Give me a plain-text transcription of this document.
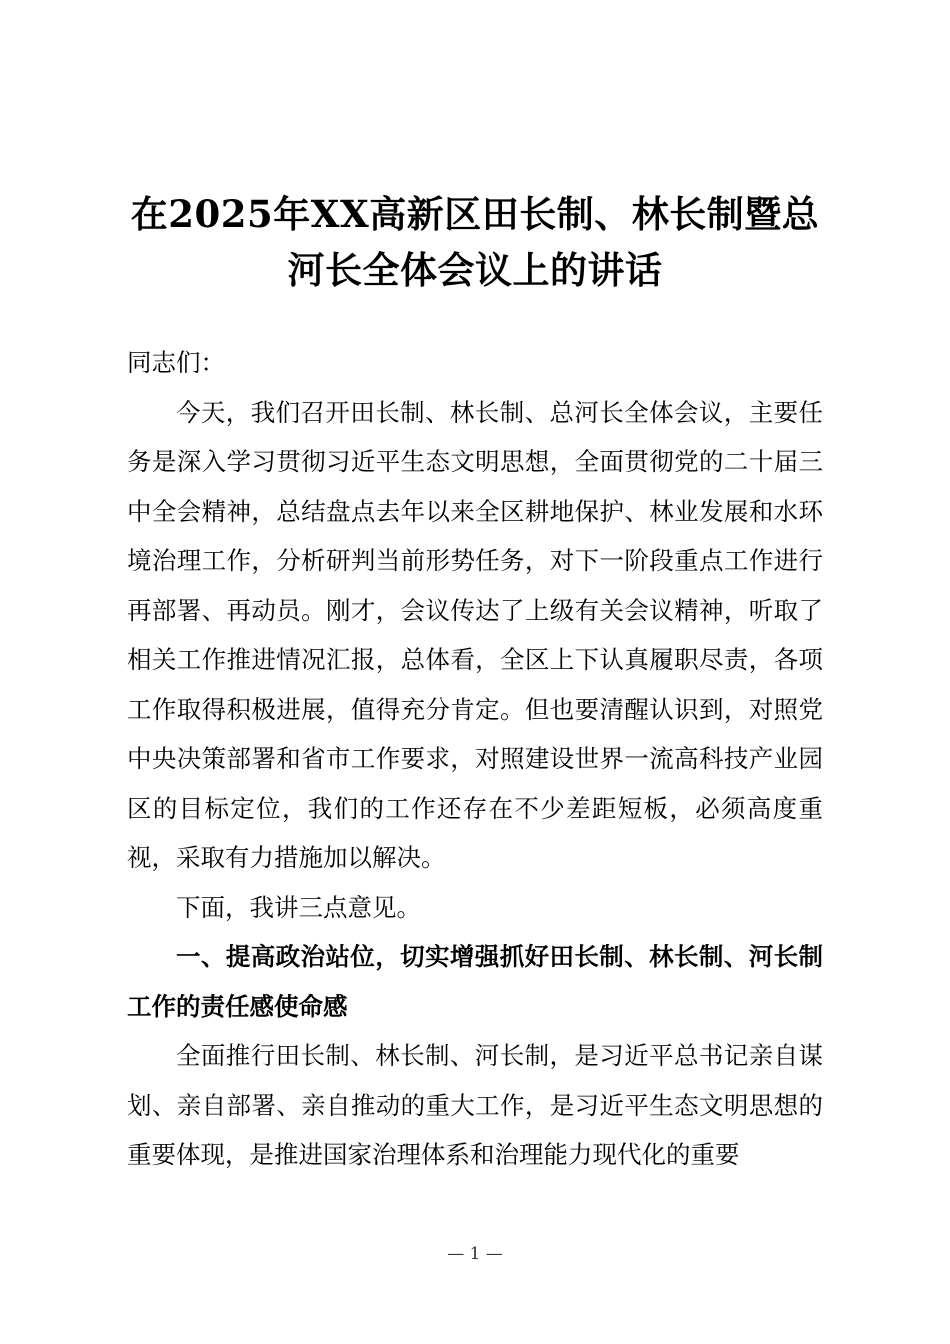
在2025年XX高新区田长制、林长制暨总
河长全体会议上的讲话

同志们：

今天，我们召开田长制、林长制、总河长全体会议，主要任务是深入学习贯彻习近平生态文明思想，全面贯彻党的二十届三中全会精神，总结盘点去年以来全区耕地保护、林业发展和水环境治理工作，分析研判当前形势任务，对下一阶段重点工作进行再部署、再动员。刚才，会议传达了上级有关会议精神，听取了相关工作推进情况汇报，总体看，全区上下认真履职尽责，各项工作取得积极进展，值得充分肯定。但也要清醒认识到，对照党中央决策部署和省市工作要求，对照建设世界一流高科技产业园区的目标定位，我们的工作还存在不少差距短板，必须高度重视，采取有力措施加以解决。

下面，我讲三点意见。

一、提高政治站位，切实增强抓好田长制、林长制、河长制工作的责任感使命感

全面推行田长制、林长制、河长制，是习近平总书记亲自谋划、亲自部署、亲自推动的重大工作，是习近平生态文明思想的重要体现，是推进国家治理体系和治理能力现代化的重要

— 1 —
